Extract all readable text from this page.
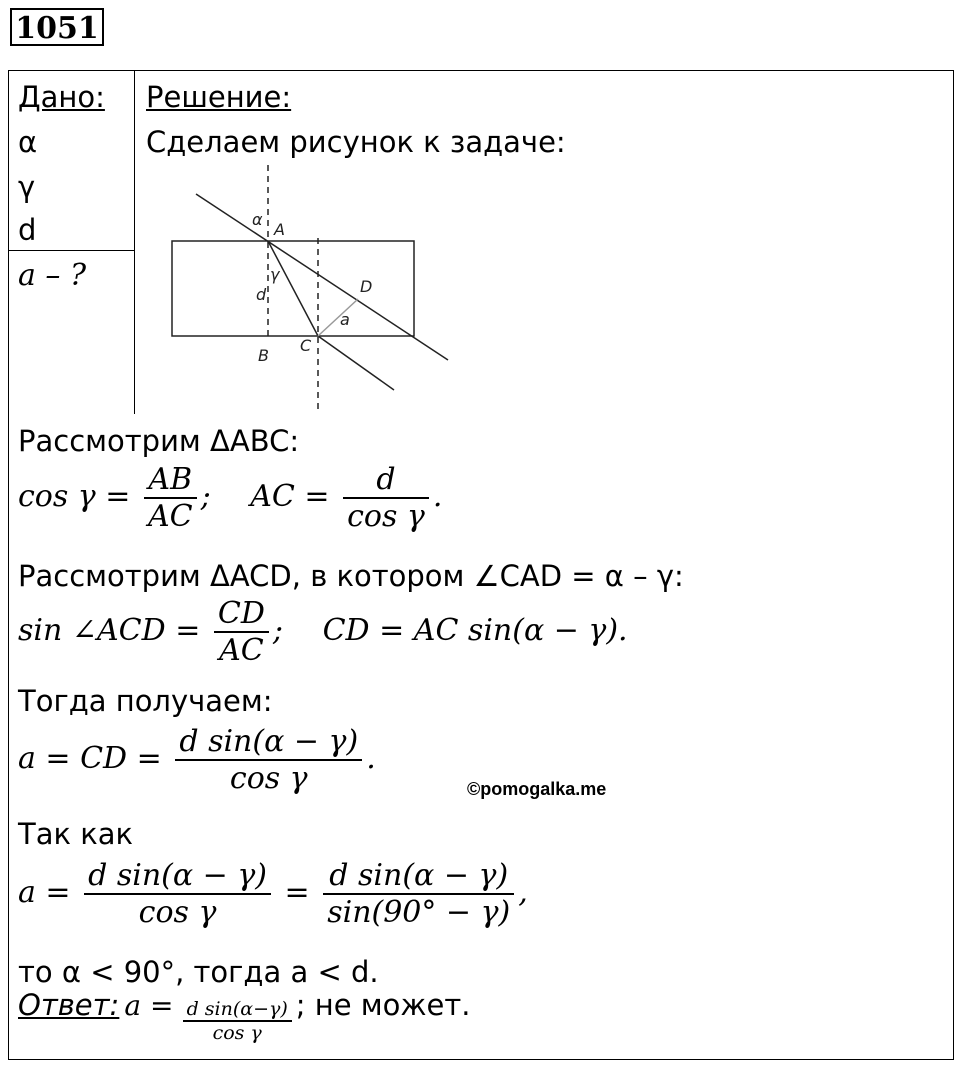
1051
Дано:
α
γ
d
a – ?
Решение:
Сделаем рисунок к задаче:
α
A
γ
d	D
a
B
C
Рассмотрим ΔABC:
$\cos \gamma = \frac{AB}{AC}$ ; AC = $\frac{d}{\text{cos γ}}$ .
Рассмотрим ΔACD, в котором ∠CAD = α – γ:
sin ∠ACD = $\frac{CD}{AC}$ ; CD = AC sin(α − γ).
Тогда получаем:
a = CD = $\frac{\text{d sin(α − γ)}}{\text{cos γ}}$ .
©pomogalka.me
Так как
$a = \frac{\text{d sin(α − γ)}}{\text{cos γ}} = \frac{\text{d sin(α − γ)}}{\sin(90^\circ - \gamma)}$ ,
то α < 90°, тогда a < d.
Ответ: $a = \frac{\text{d sin(α−γ)}}{\text{cos γ}}$ ; не может.
